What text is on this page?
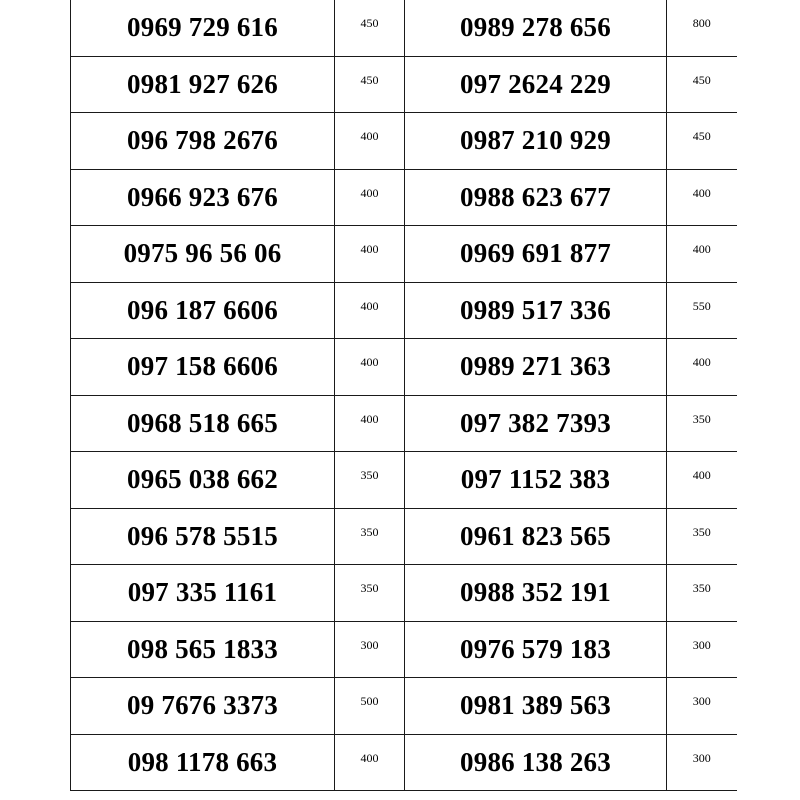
0969 729 616	450	0989 278 656	800
0981 927 626	450	097 2624 229	450
096 798 2676	400	0987 210 929	450
0966 923 676	400	0988 623 677	400
0975 96 56 06	400	0969 691 877	400
096 187 6606	400	0989 517 336	550
097 158 6606	400	0989 271 363	400
0968 518 665	400	097 382 7393	350
0965 038 662	350	097 1152 383	400
096 578 5515	350	0961 823 565	350
097 335 1161	350	0988 352 191	350
098 565 1833	300	0976 579 183	300
09 7676 3373	500	0981 389 563	300
098 1178 663	400	0986 138 263	300
